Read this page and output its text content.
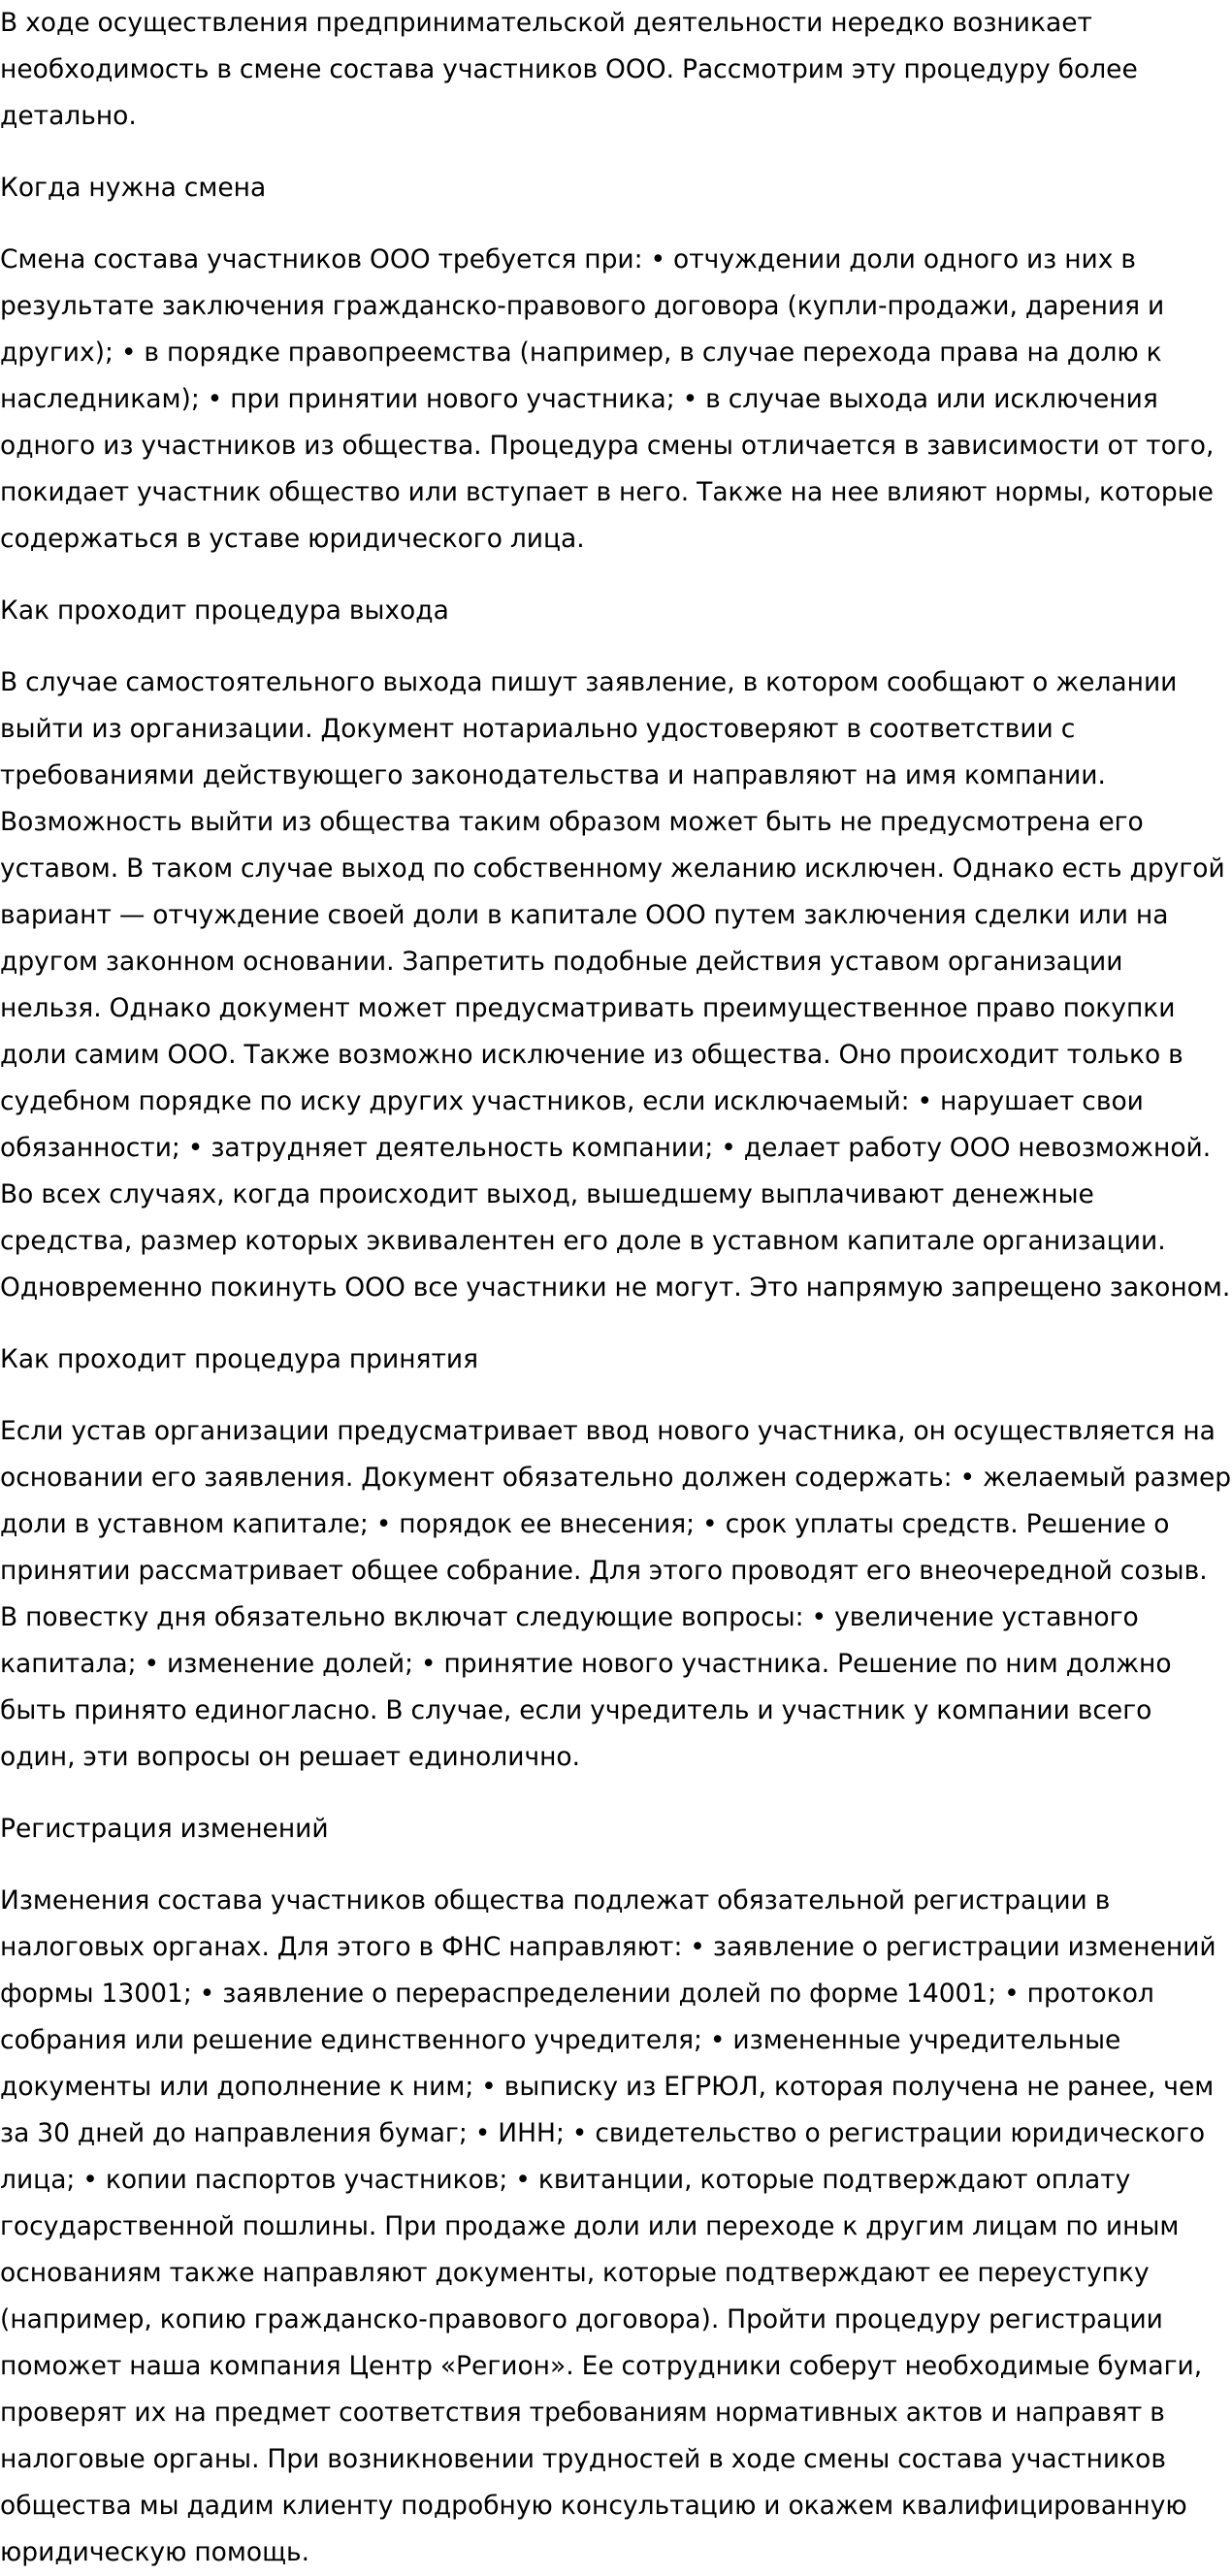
В ходе осуществления предпринимательской деятельности нередко возникает необходимость в смене состава участников ООО. Рассмотрим эту процедуру более детально.

Когда нужна смена

Смена состава участников ООО требуется при: • отчуждении доли одного из них в результате заключения гражданско-правового договора (купли-продажи, дарения и других); • в порядке правопреемства (например, в случае перехода права на долю к наследникам); • при принятии нового участника; • в случае выхода или исключения одного из участников из общества. Процедура смены отличается в зависимости от того, покидает участник общество или вступает в него. Также на нее влияют нормы, которые содержаться в уставе юридического лица.

Как проходит процедура выхода

В случае самостоятельного выхода пишут заявление, в котором сообщают о желании выйти из организации. Документ нотариально удостоверяют в соответствии с требованиями действующего законодательства и направляют на имя компании. Возможность выйти из общества таким образом может быть не предусмотрена его уставом. В таком случае выход по собственному желанию исключен. Однако есть другой вариант — отчуждение своей доли в капитале ООО путем заключения сделки или на другом законном основании. Запретить подобные действия уставом организации нельзя. Однако документ может предусматривать преимущественное право покупки доли самим ООО. Также возможно исключение из общества. Оно происходит только в судебном порядке по иску других участников, если исключаемый: • нарушает свои обязанности; • затрудняет деятельность компании; • делает работу ООО невозможной. Во всех случаях, когда происходит выход, вышедшему выплачивают денежные средства, размер которых эквивалентен его доле в уставном капитале организации. Одновременно покинуть ООО все участники не могут. Это напрямую запрещено законом.

Как проходит процедура принятия

Если устав организации предусматривает ввод нового участника, он осуществляется на основании его заявления. Документ обязательно должен содержать: • желаемый размер доли в уставном капитале; • порядок ее внесения; • срок уплаты средств. Решение о принятии рассматривает общее собрание. Для этого проводят его внеочередной созыв. В повестку дня обязательно включат следующие вопросы: • увеличение уставного капитала; • изменение долей; • принятие нового участника. Решение по ним должно быть принято единогласно. В случае, если учредитель и участник у компании всего один, эти вопросы он решает единолично.

Регистрация изменений

Изменения состава участников общества подлежат обязательной регистрации в налоговых органах. Для этого в ФНС направляют: • заявление о регистрации изменений формы 13001; • заявление о перераспределении долей по форме 14001; • протокол собрания или решение единственного учредителя; • измененные учредительные документы или дополнение к ним; • выписку из ЕГРЮЛ, которая получена не ранее, чем за 30 дней до направления бумаг; • ИНН; • свидетельство о регистрации юридического лица; • копии паспортов участников; • квитанции, которые подтверждают оплату государственной пошлины. При продаже доли или переходе к другим лицам по иным основаниям также направляют документы, которые подтверждают ее переуступку (например, копию гражданско-правового договора). Пройти процедуру регистрации поможет наша компания Центр «Регион». Ее сотрудники соберут необходимые бумаги, проверят их на предмет соответствия требованиям нормативных актов и направят в налоговые органы. При возникновении трудностей в ходе смены состава участников общества мы дадим клиенту подробную консультацию и окажем квалифицированную юридическую помощь.
